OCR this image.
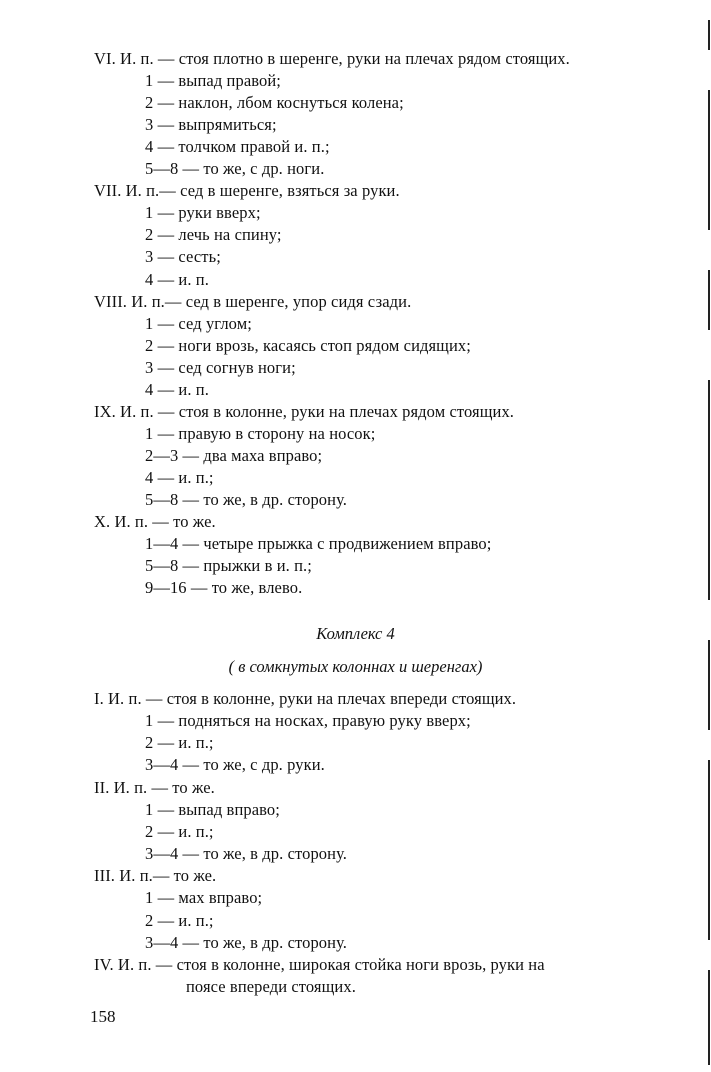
VI. И. п. — стоя плотно в шеренге, руки на плечах рядом стоящих.
1 — выпад правой;
2 — наклон, лбом коснуться колена;
3 — выпрямиться;
4 — толчком правой и. п.;
5—8 — то же, с др. ноги.
VII. И. п.— сед в шеренге, взяться за руки.
1 — руки вверх;
2 — лечь на спину;
3 — сесть;
4 — и. п.
VIII. И. п.— сед в шеренге, упор сидя сзади.
1 — сед углом;
2 — ноги врозь, касаясь стоп рядом сидящих;
3 — сед согнув ноги;
4 — и. п.
IX. И. п. — стоя в колонне, руки на плечах рядом стоящих.
1 — правую в сторону на носок;
2—3 — два маха вправо;
4 — и. п.;
5—8 — то же, в др. сторону.
X. И. п. — то же.
1—4 — четыре прыжка с продвижением вправо;
5—8 — прыжки в и. п.;
9—16 — то же, влево.
Комплекс 4
( в сомкнутых колоннах и шеренгах)
I. И. п. — стоя в колонне, руки на плечах впереди стоящих.
1 — подняться на носках, правую руку вверх;
2 — и. п.;
3—4 — то же, с др. руки.
II. И. п. — то же.
1 — выпад вправо;
2 — и. п.;
3—4 — то же, в др. сторону.
III. И. п.— то же.
1 — мах вправо;
2 — и. п.;
3—4 — то же, в др. сторону.
IV. И. п. — стоя в колонне, широкая стойка ноги врозь, руки на
поясе впереди стоящих.
158
